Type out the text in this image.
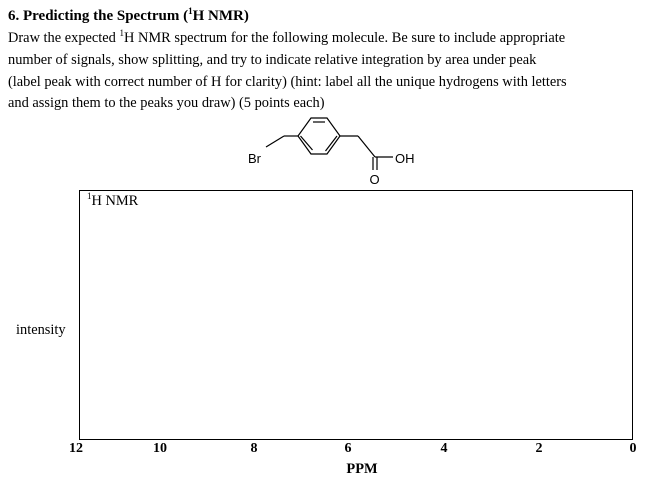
6. Predicting the Spectrum ($^1$H NMR)
Draw the expected $^1$H NMR spectrum for the following molecule. Be sure to include appropriate
number of signals, show splitting, and try to indicate relative integration by area under peak
(label peak with correct number of H for clarity) (hint: label all the unique hydrogens with letters
and assign them to the peaks you draw) (5 points each)
Br	OH
O
$^1$H NMR
intensity
12	10	8	6	4	2	0
PPM
